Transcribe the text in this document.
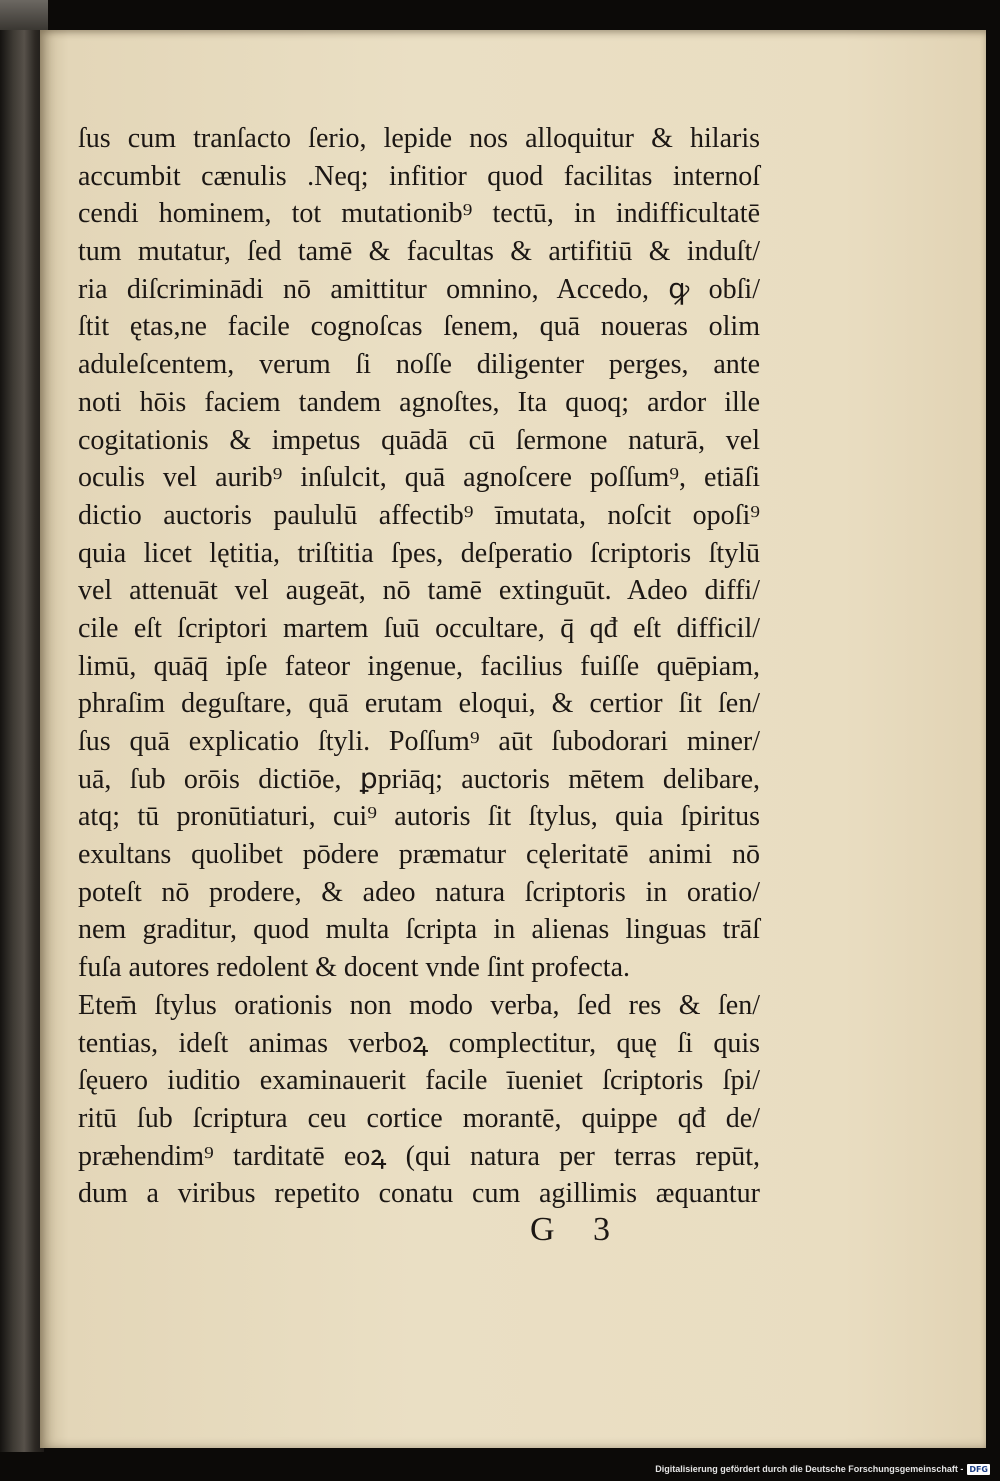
ſus cum tranſacto ſerio, lepide nos alloquitur & hilaris
accumbit cænulis .Neq; infitior quod facilitas internoſ
cendi hominem, tot mutationib⁹ tectū, in indifficultatē
tum mutatur, ſed tamē & facultas & artifitiū & induſt/
ria diſcriminādi nō amittitur omnino, Accedo, ꝙ obſi/
ſtit ętas,ne facile cognoſcas ſenem, quā noueras olim
aduleſcentem, verum ſi noſſe diligenter perges, ante
noti hōis faciem tandem agnoſtes, Ita quoq; ardor ille
cogitationis & impetus quādā cū ſermone naturā, vel
oculis vel aurib⁹ inſulcit, quā agnoſcere poſſum⁹, etiāſi
dictio auctoris paululū affectib⁹ īmutata, noſcit opoſi⁹
quia licet lętitia, triſtitia ſpes, deſperatio ſcriptoris ſtylū
vel attenuāt vel augeāt, nō tamē extinguūt. Adeo diffi/
cile eſt ſcriptori martem ſuū occultare, q̄ qđ eſt difficil/
limū, quāq̄ ipſe fateor ingenue, facilius fuiſſe quēpiam,
phraſim deguſtare, quā erutam eloqui, & certior ſit ſen/
ſus quā explicatio ſtyli. Poſſum⁹ aūt ſubodorari miner/
uā, ſub orōis dictiōe, ꝑpriāq; auctoris mētem delibare,
atq; tū pronūtiaturi, cui⁹ autoris ſit ſtylus, quia ſpiritus
exultans quolibet pōdere præmatur cęleritatē animi nō
poteſt nō prodere, & adeo natura ſcriptoris in oratio/
nem graditur, quod multa ſcripta in alienas linguas trāſ
fuſa autores redolent & docent vnde ſint profecta.
Etem̄ ſtylus orationis non modo verba, ſed res & ſen/
tentias, ideſt animas verboꝝ complectitur, quę ſi quis
ſęuero iuditio examinauerit facile īueniet ſcriptoris ſpi/
ritū ſub ſcriptura ceu cortice morantē, quippe qđ de/
præhendim⁹ tarditatē eoꝝ (qui natura per terras repūt,
dum a viribus repetito conatu cum agillimis æquantur
G 3
Digitalisierung gefördert durch die Deutsche Forschungsgemeinschaft - DFG
